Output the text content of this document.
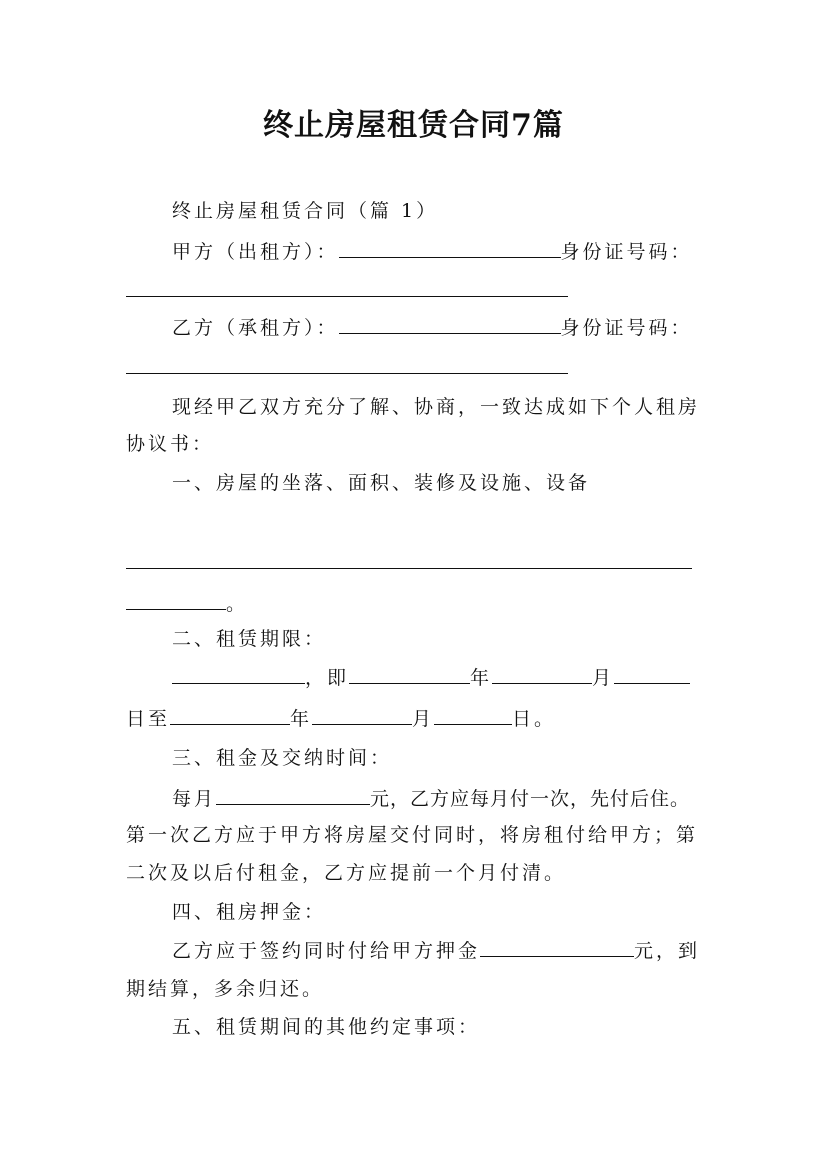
终止房屋租赁合同7篇
终止房屋租赁合同（篇 1）
甲方（出租方）：	身份证号码：
乙方（承租方）：	身份证号码：
现经甲乙双方充分了解、协商，一致达成如下个人租房
协议书：
一、房屋的坐落、面积、装修及设施、设备
。
二、租赁期限：
，即	年	月
日至	年	月	日。
三、租金及交纳时间：
每月	元，乙方应每月付一次，先付后住。
第一次乙方应于甲方将房屋交付同时，将房租付给甲方；第
二次及以后付租金，乙方应提前一个月付清。
四、租房押金：
乙方应于签约同时付给甲方押金	元，到
期结算，多余归还。
五、租赁期间的其他约定事项：
